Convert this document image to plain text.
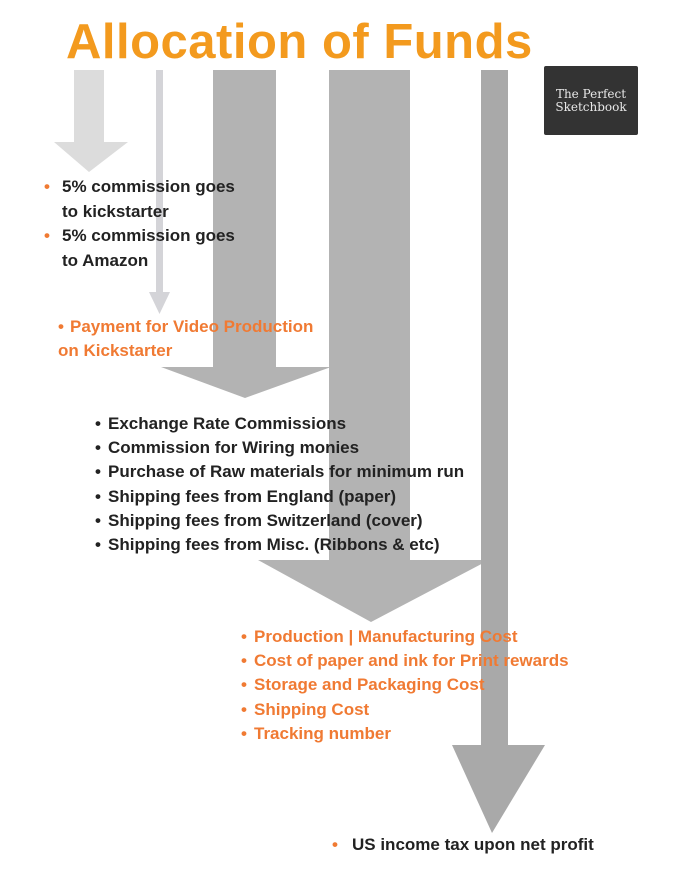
Allocation of Funds
The Perfect
Sketchbook
• 5% commission goes
to kickstarter
• 5% commission goes
to Amazon
• Payment for Video Production
on Kickstarter
• Exchange Rate Commissions
• Commission for Wiring monies
• Purchase of Raw materials for minimum run
• Shipping fees from England (paper)
• Shipping fees from Switzerland (cover)
• Shipping fees from Misc. (Ribbons & etc)
• Production | Manufacturing Cost
• Cost of paper and ink for Print rewards
• Storage and Packaging Cost
• Shipping Cost
• Tracking number
• US income tax upon net profit
